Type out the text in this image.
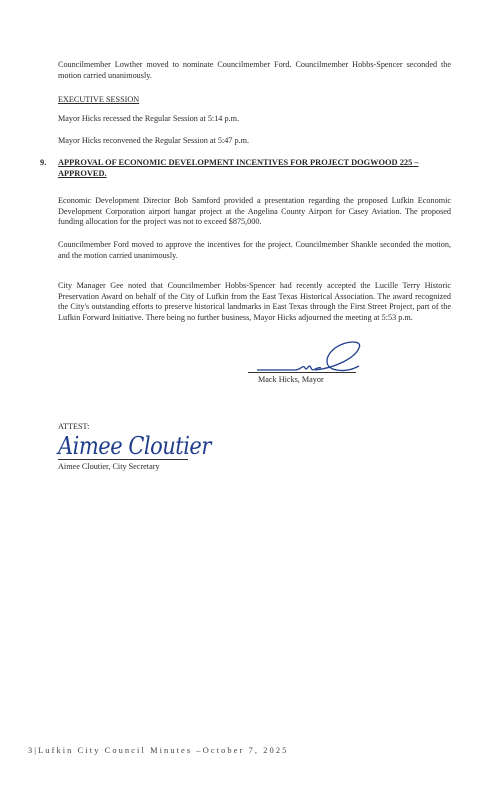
Councilmember Lowther moved to nominate Councilmember Ford. Councilmember Hobbs-Spencer seconded the motion carried unanimously.
EXECUTIVE SESSION
Mayor Hicks recessed the Regular Session at 5:14 p.m.
Mayor Hicks reconvened the Regular Session at 5:47 p.m.
9. APPROVAL OF ECONOMIC DEVELOPMENT INCENTIVES FOR PROJECT DOGWOOD 225 – APPROVED.
Economic Development Director Bob Samford provided a presentation regarding the proposed Lufkin Economic Development Corporation airport hangar project at the Angelina County Airport for Casey Aviation. The proposed funding allocation for the project was not to exceed $875,000.
Councilmember Ford moved to approve the incentives for the project. Councilmember Shankle seconded the motion, and the motion carried unanimously.
City Manager Gee noted that Councilmember Hobbs-Spencer had recently accepted the Lucille Terry Historic Preservation Award on behalf of the City of Lufkin from the East Texas Historical Association. The award recognized the City's outstanding efforts to preserve historical landmarks in East Texas through the First Street Project, part of the Lufkin Forward Initiative. There being no further business, Mayor Hicks adjourned the meeting at 5:53 p.m.
Mack Hicks, Mayor
ATTEST:
Aimee Cloutier
Aimee Cloutier, City Secretary
3|Lufkin City Council Minutes –October 7, 2025
